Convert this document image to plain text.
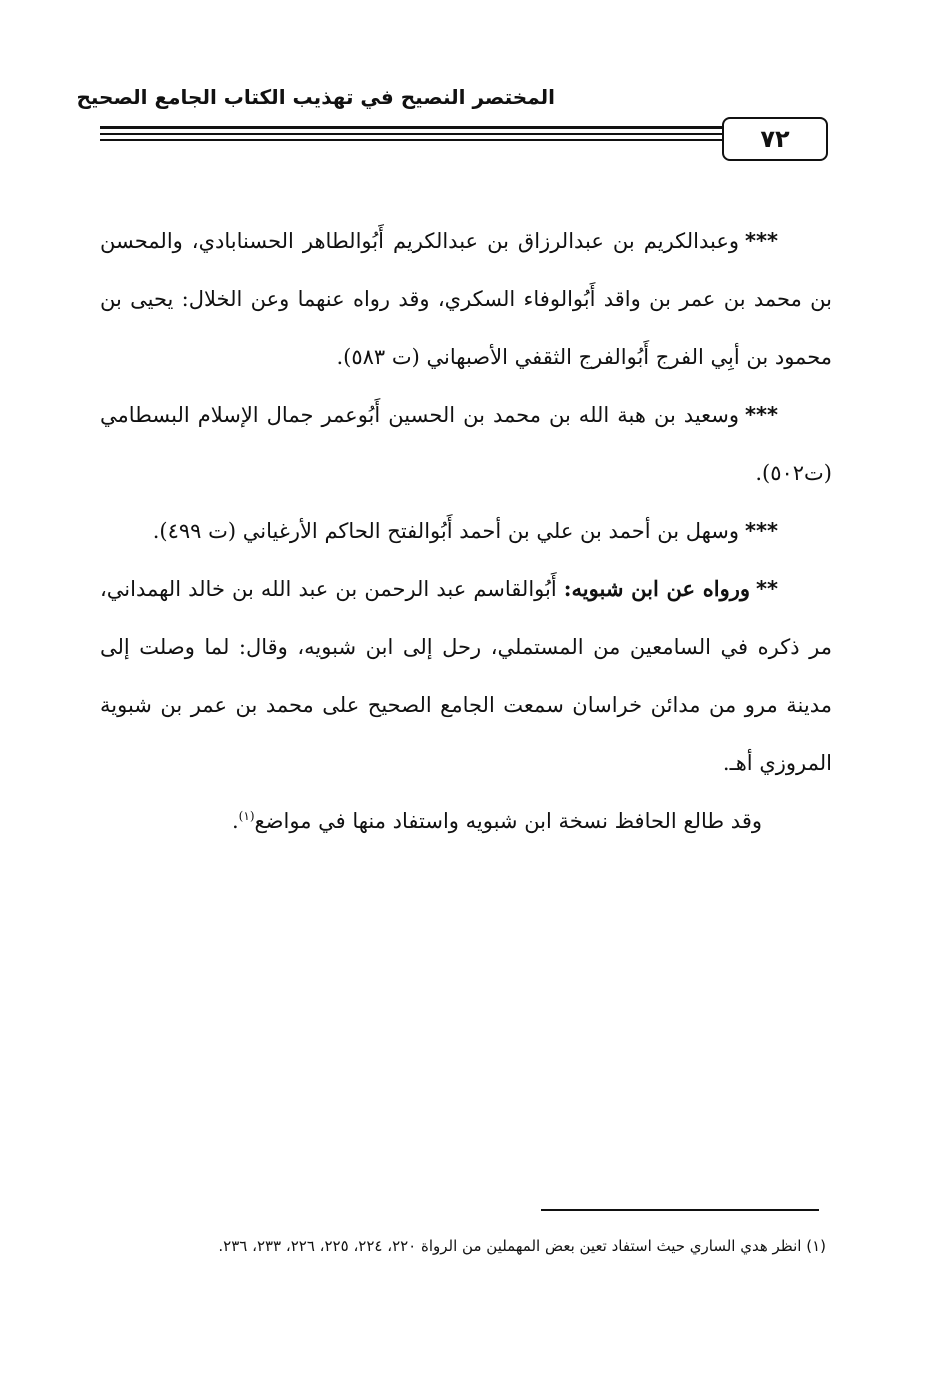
المختصر النصيح في تهذيب الكتاب الجامع الصحيح
٧٢

***وعبدالكريم بن عبدالرزاق بن عبدالكريم أَبُوالطاهر الحسنابادي، والمحسن بن محمد بن عمر بن واقد أَبُوالوفاء السكري، وقد رواه عنهما وعن الخلال: يحيى بن محمود بن أبِي الفرج أَبُوالفرج الثقفي الأصبهاني (ت ٥٨٣).

***وسعيد بن هبة الله بن محمد بن الحسين أَبُوعمر جمال الإسلام البسطامي (ت٥٠٢).

***وسهل بن أحمد بن علي بن أحمد أَبُوالفتح الحاكم الأرغياني (ت ٤٩٩).

**ورواه عن ابن شبويه: أَبُوالقاسم عبد الرحمن بن عبد الله بن خالد الهمداني، مر ذكره في السامعين من المستملي، رحل إلى ابن شبويه، وقال: لما وصلت إلى مدينة مرو من مدائن خراسان سمعت الجامع الصحيح على محمد بن عمر بن شبوية المروزي أهـ.

وقد طالع الحافظ نسخة ابن شبويه واستفاد منها في مواضع$^{(١)}$.

(١) انظر هدي الساري حيث استفاد تعين بعض المهملين من الرواة ٢٢٠، ٢٢٤، ٢٢٥، ٢٢٦، ٢٣٣، ٢٣٦.
